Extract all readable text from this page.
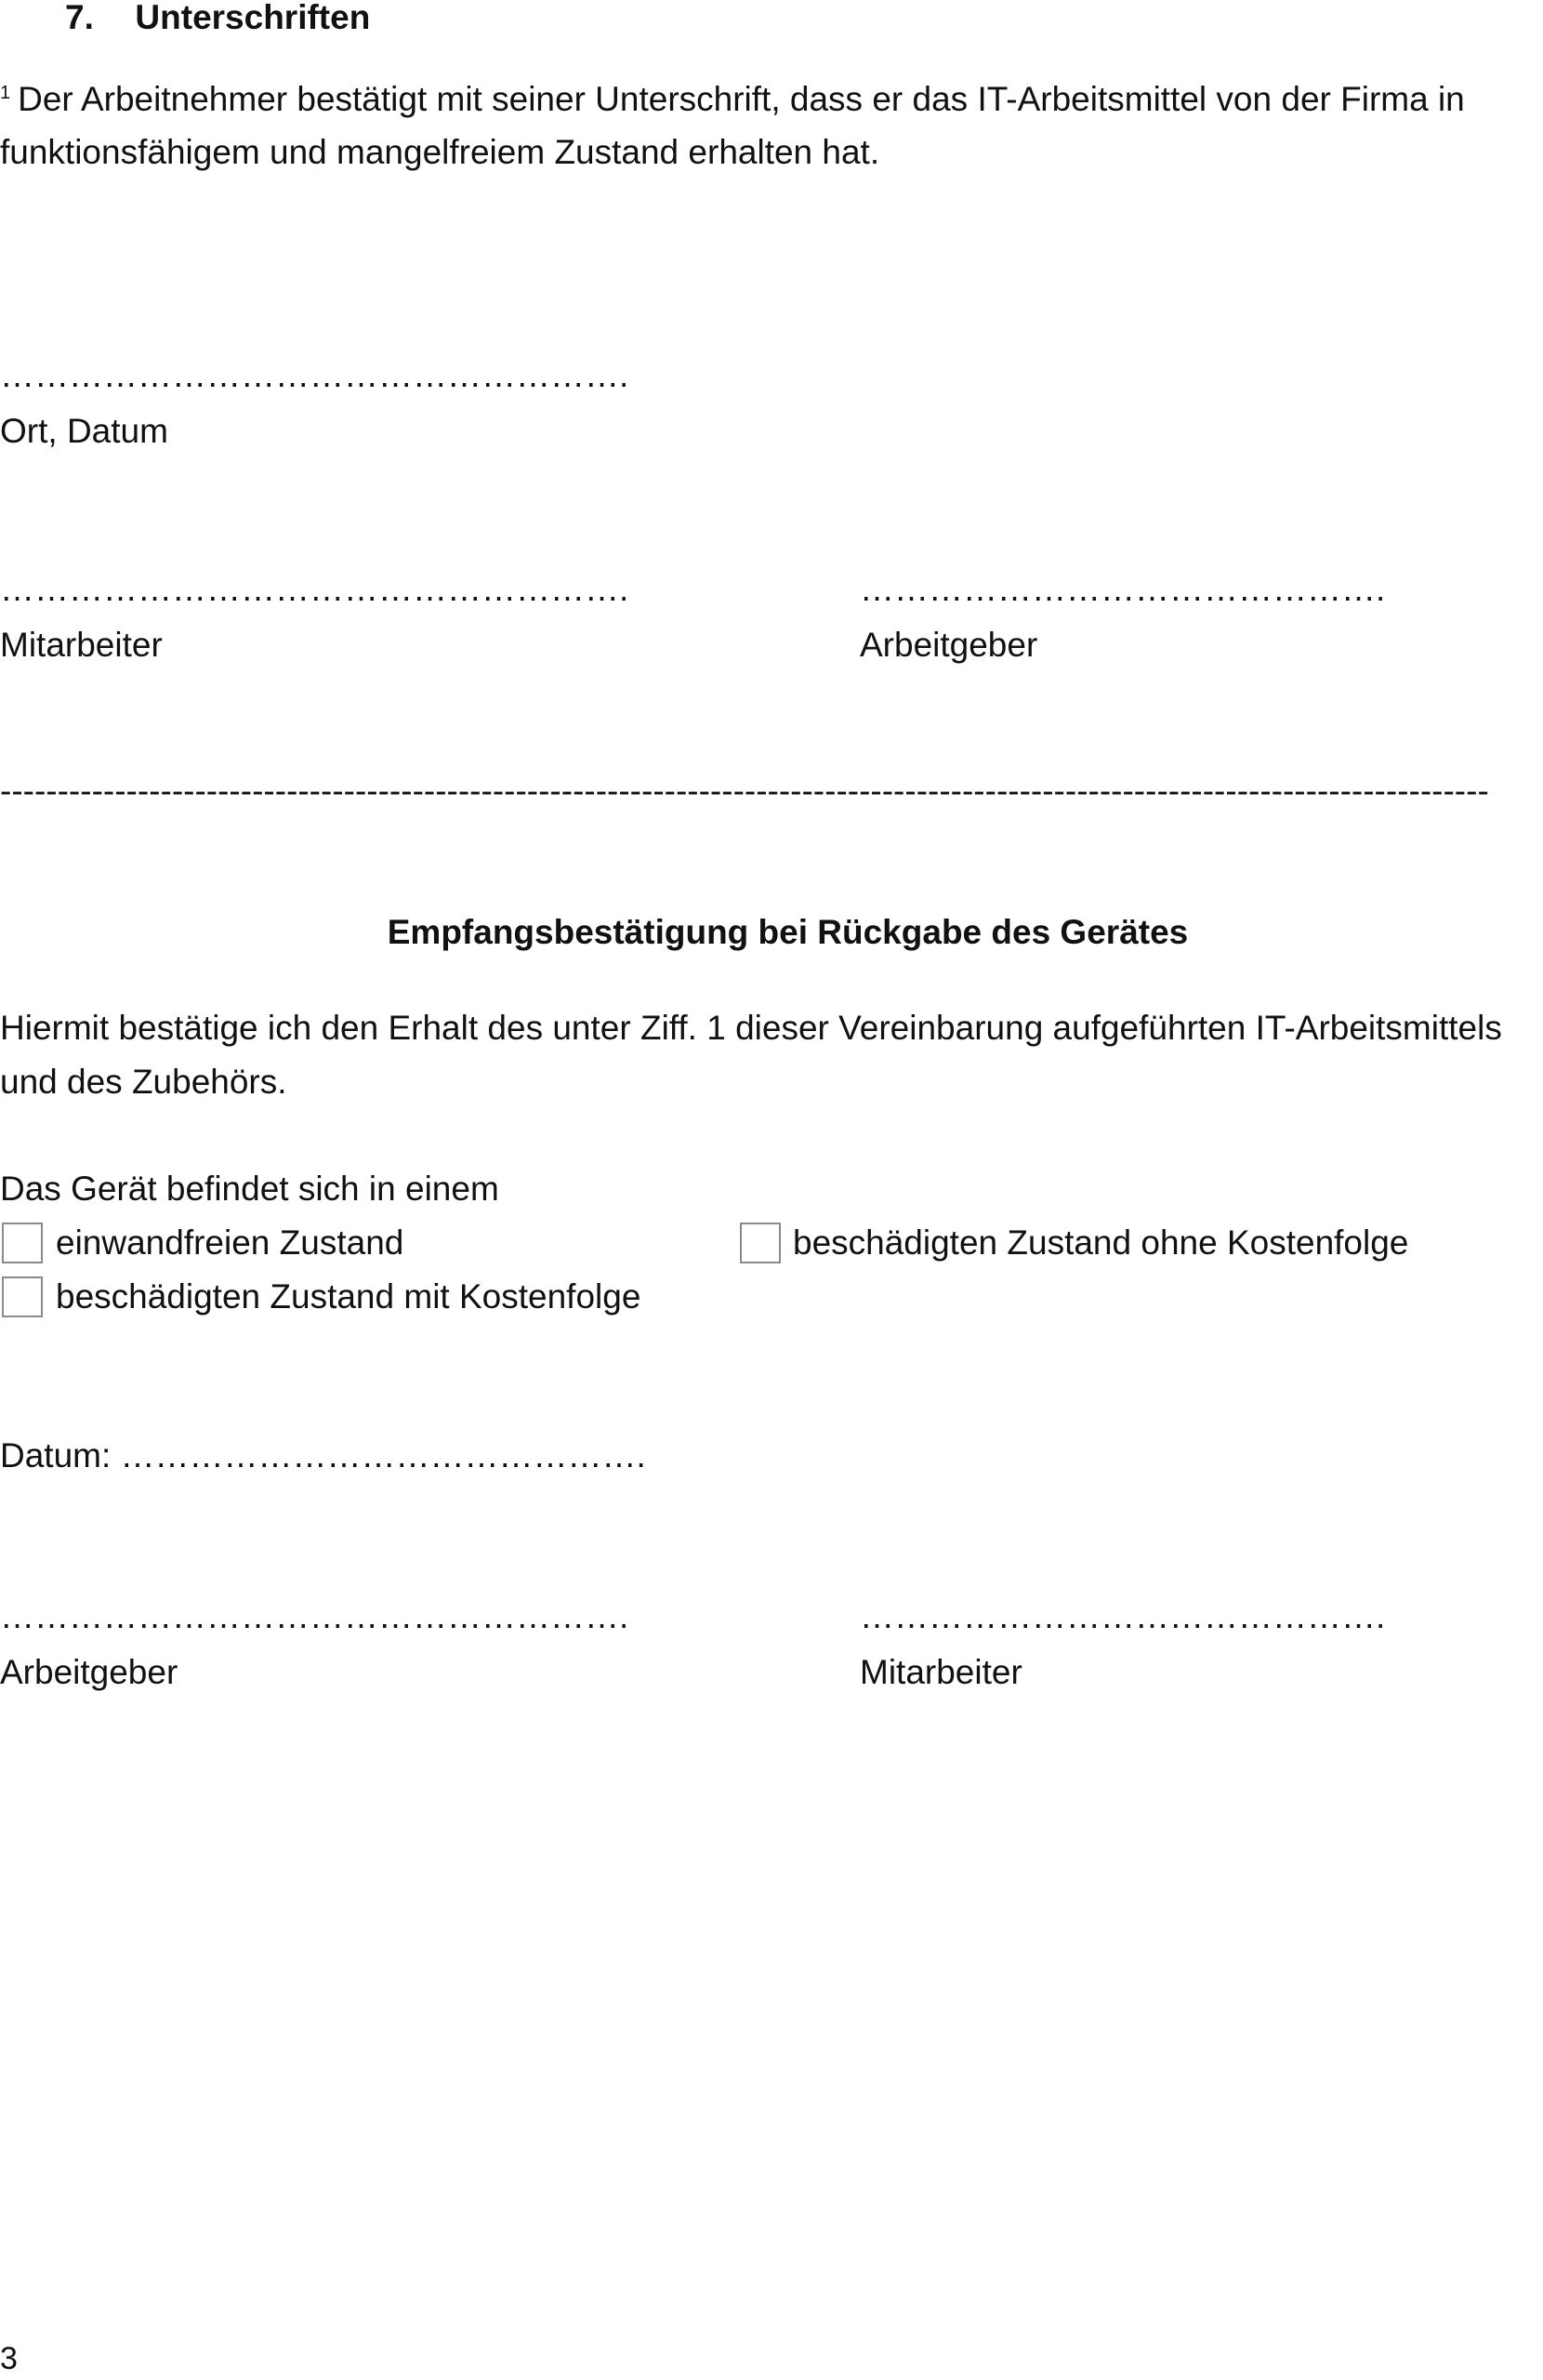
7. Unterschriften
$^1$ Der Arbeitnehmer bestätigt mit seiner Unterschrift, dass er das IT-Arbeitsmittel von der Firma in
funktionsfähigem und mangelfreiem Zustand erhalten hat.
……………………………………………….
Ort, Datum
……………………………………………….
Mitarbeiter
……………………………………….
Arbeitgeber
----------------------------------------------------------------------------------------------------------------------------------
Empfangsbestätigung bei Rückgabe des Gerätes
Hiermit bestätige ich den Erhalt des unter Ziff. 1 dieser Vereinbarung aufgeführten IT-Arbeitsmittels
und des Zubehörs.
Das Gerät befindet sich in einem
einwandfreien Zustand	beschädigten Zustand ohne Kostenfolge
beschädigten Zustand mit Kostenfolge
Datum: ……………………………………….
……………………………………………….
Arbeitgeber
……………………………………….
Mitarbeiter
3
